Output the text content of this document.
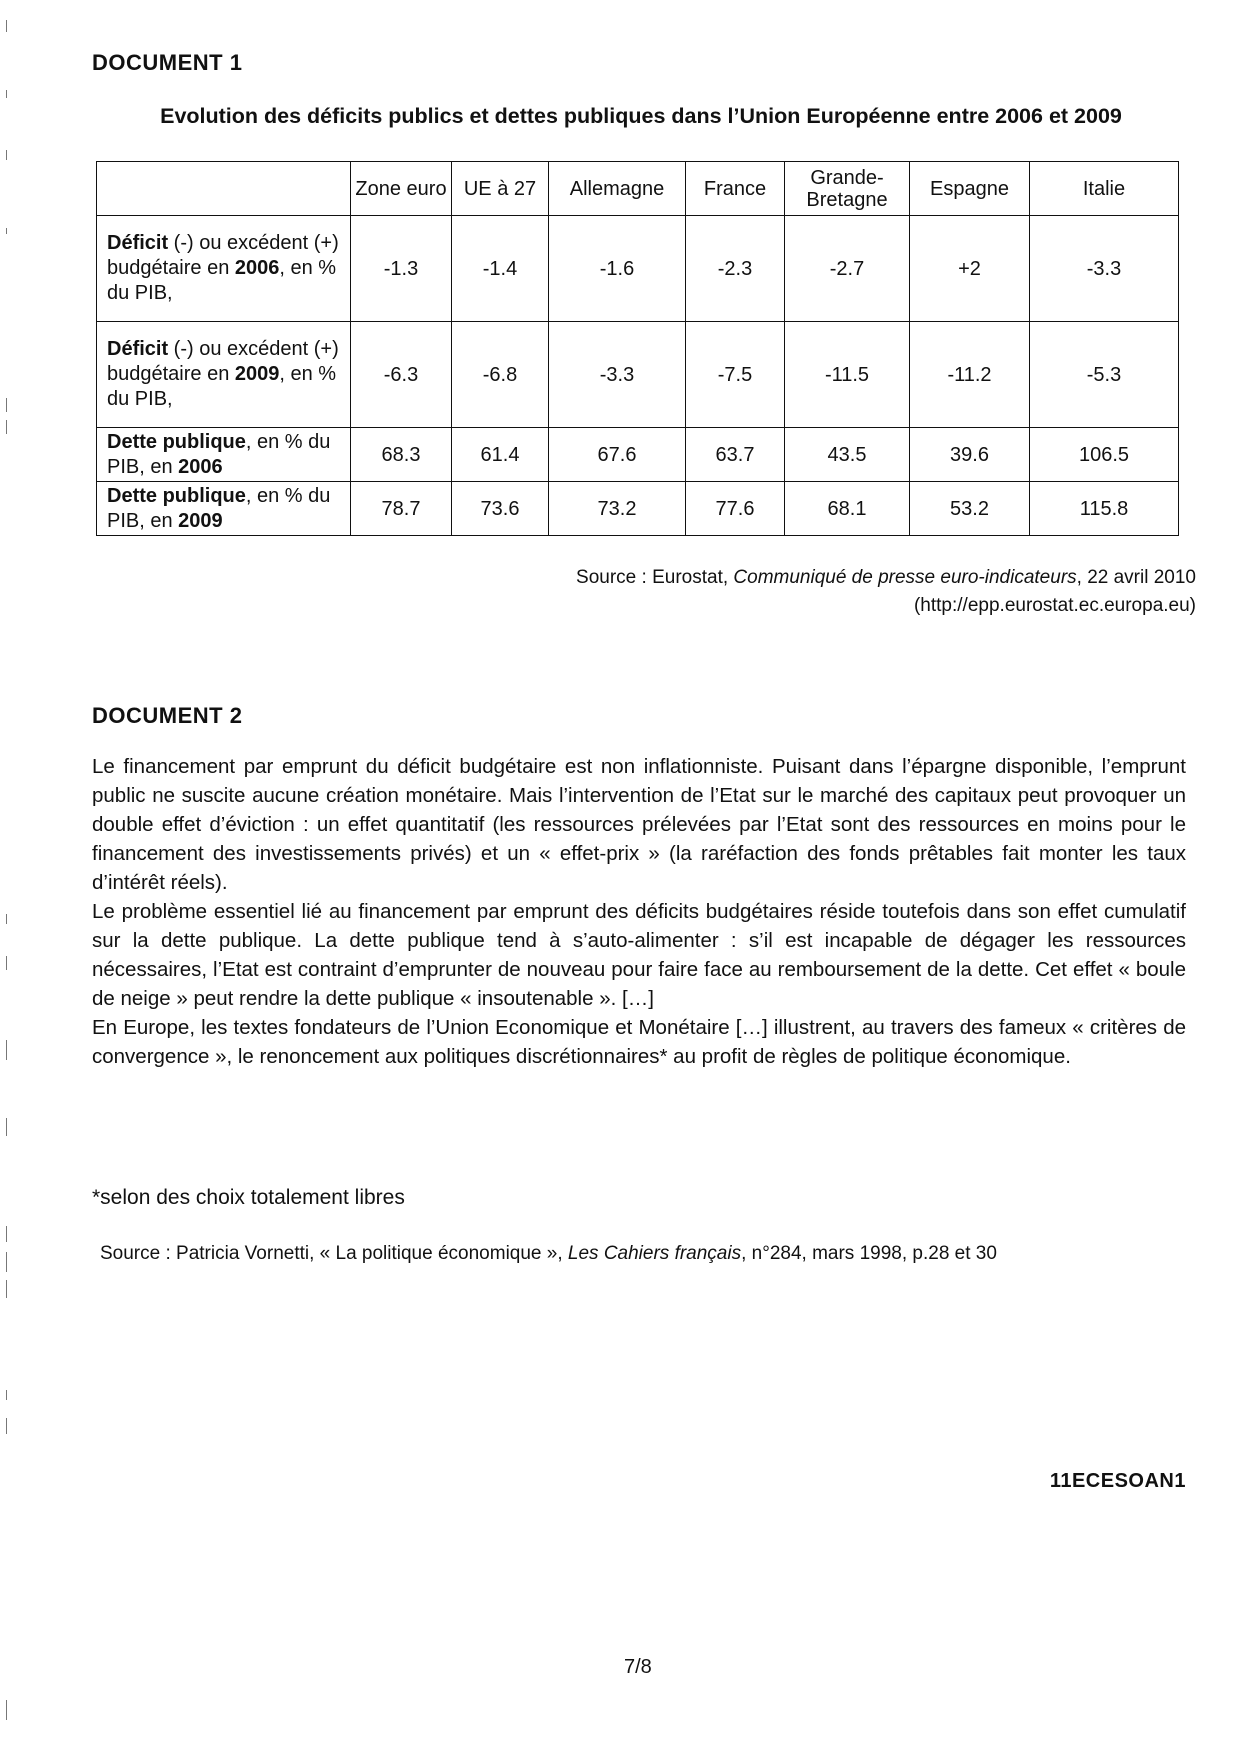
DOCUMENT 1
Evolution des déficits publics et dettes publiques dans l’Union Européenne entre 2006 et 2009
	Zone euro	UE à 27	Allemagne	France	Grande-Bretagne	Espagne	Italie
Déficit (-) ou excédent (+) budgétaire en 2006, en % du PIB,	-1.3	-1.4	-1.6	-2.3	-2.7	+2	-3.3
Déficit (-) ou excédent (+) budgétaire en 2009, en % du PIB,	-6.3	-6.8	-3.3	-7.5	-11.5	-11.2	-5.3
Dette publique, en % du PIB, en 2006	68.3	61.4	67.6	63.7	43.5	39.6	106.5
Dette publique, en % du PIB, en 2009	78.7	73.6	73.2	77.6	68.1	53.2	115.8
Source : Eurostat, Communiqué de presse euro-indicateurs, 22 avril 2010
(http://epp.eurostat.ec.europa.eu)
DOCUMENT 2

Le financement par emprunt du déficit budgétaire est non inflationniste. Puisant dans l’épargne disponible, l’emprunt public ne suscite aucune création monétaire. Mais l’intervention de l’Etat sur le marché des capitaux peut provoquer un double effet d’éviction : un effet quantitatif (les ressources prélevées par l’Etat sont des ressources en moins pour le financement des investissements privés) et un « effet-prix » (la raréfaction des fonds prêtables fait monter les taux d’intérêt réels).

Le problème essentiel lié au financement par emprunt des déficits budgétaires réside toutefois dans son effet cumulatif sur la dette publique. La dette publique tend à s’auto-alimenter : s’il est incapable de dégager les ressources nécessaires, l’Etat est contraint d’emprunter de nouveau pour faire face au remboursement de la dette. Cet effet « boule de neige » peut rendre la dette publique « insoutenable ». […]

En Europe, les textes fondateurs de l’Union Economique et Monétaire […] illustrent, au travers des fameux « critères de convergence », le renoncement aux politiques discrétionnaires* au profit de règles de politique économique.

*selon des choix totalement libres
Source : Patricia Vornetti, « La politique économique », Les Cahiers français, n°284, mars 1998, p.28 et 30
11ECESOAN1
7/8
